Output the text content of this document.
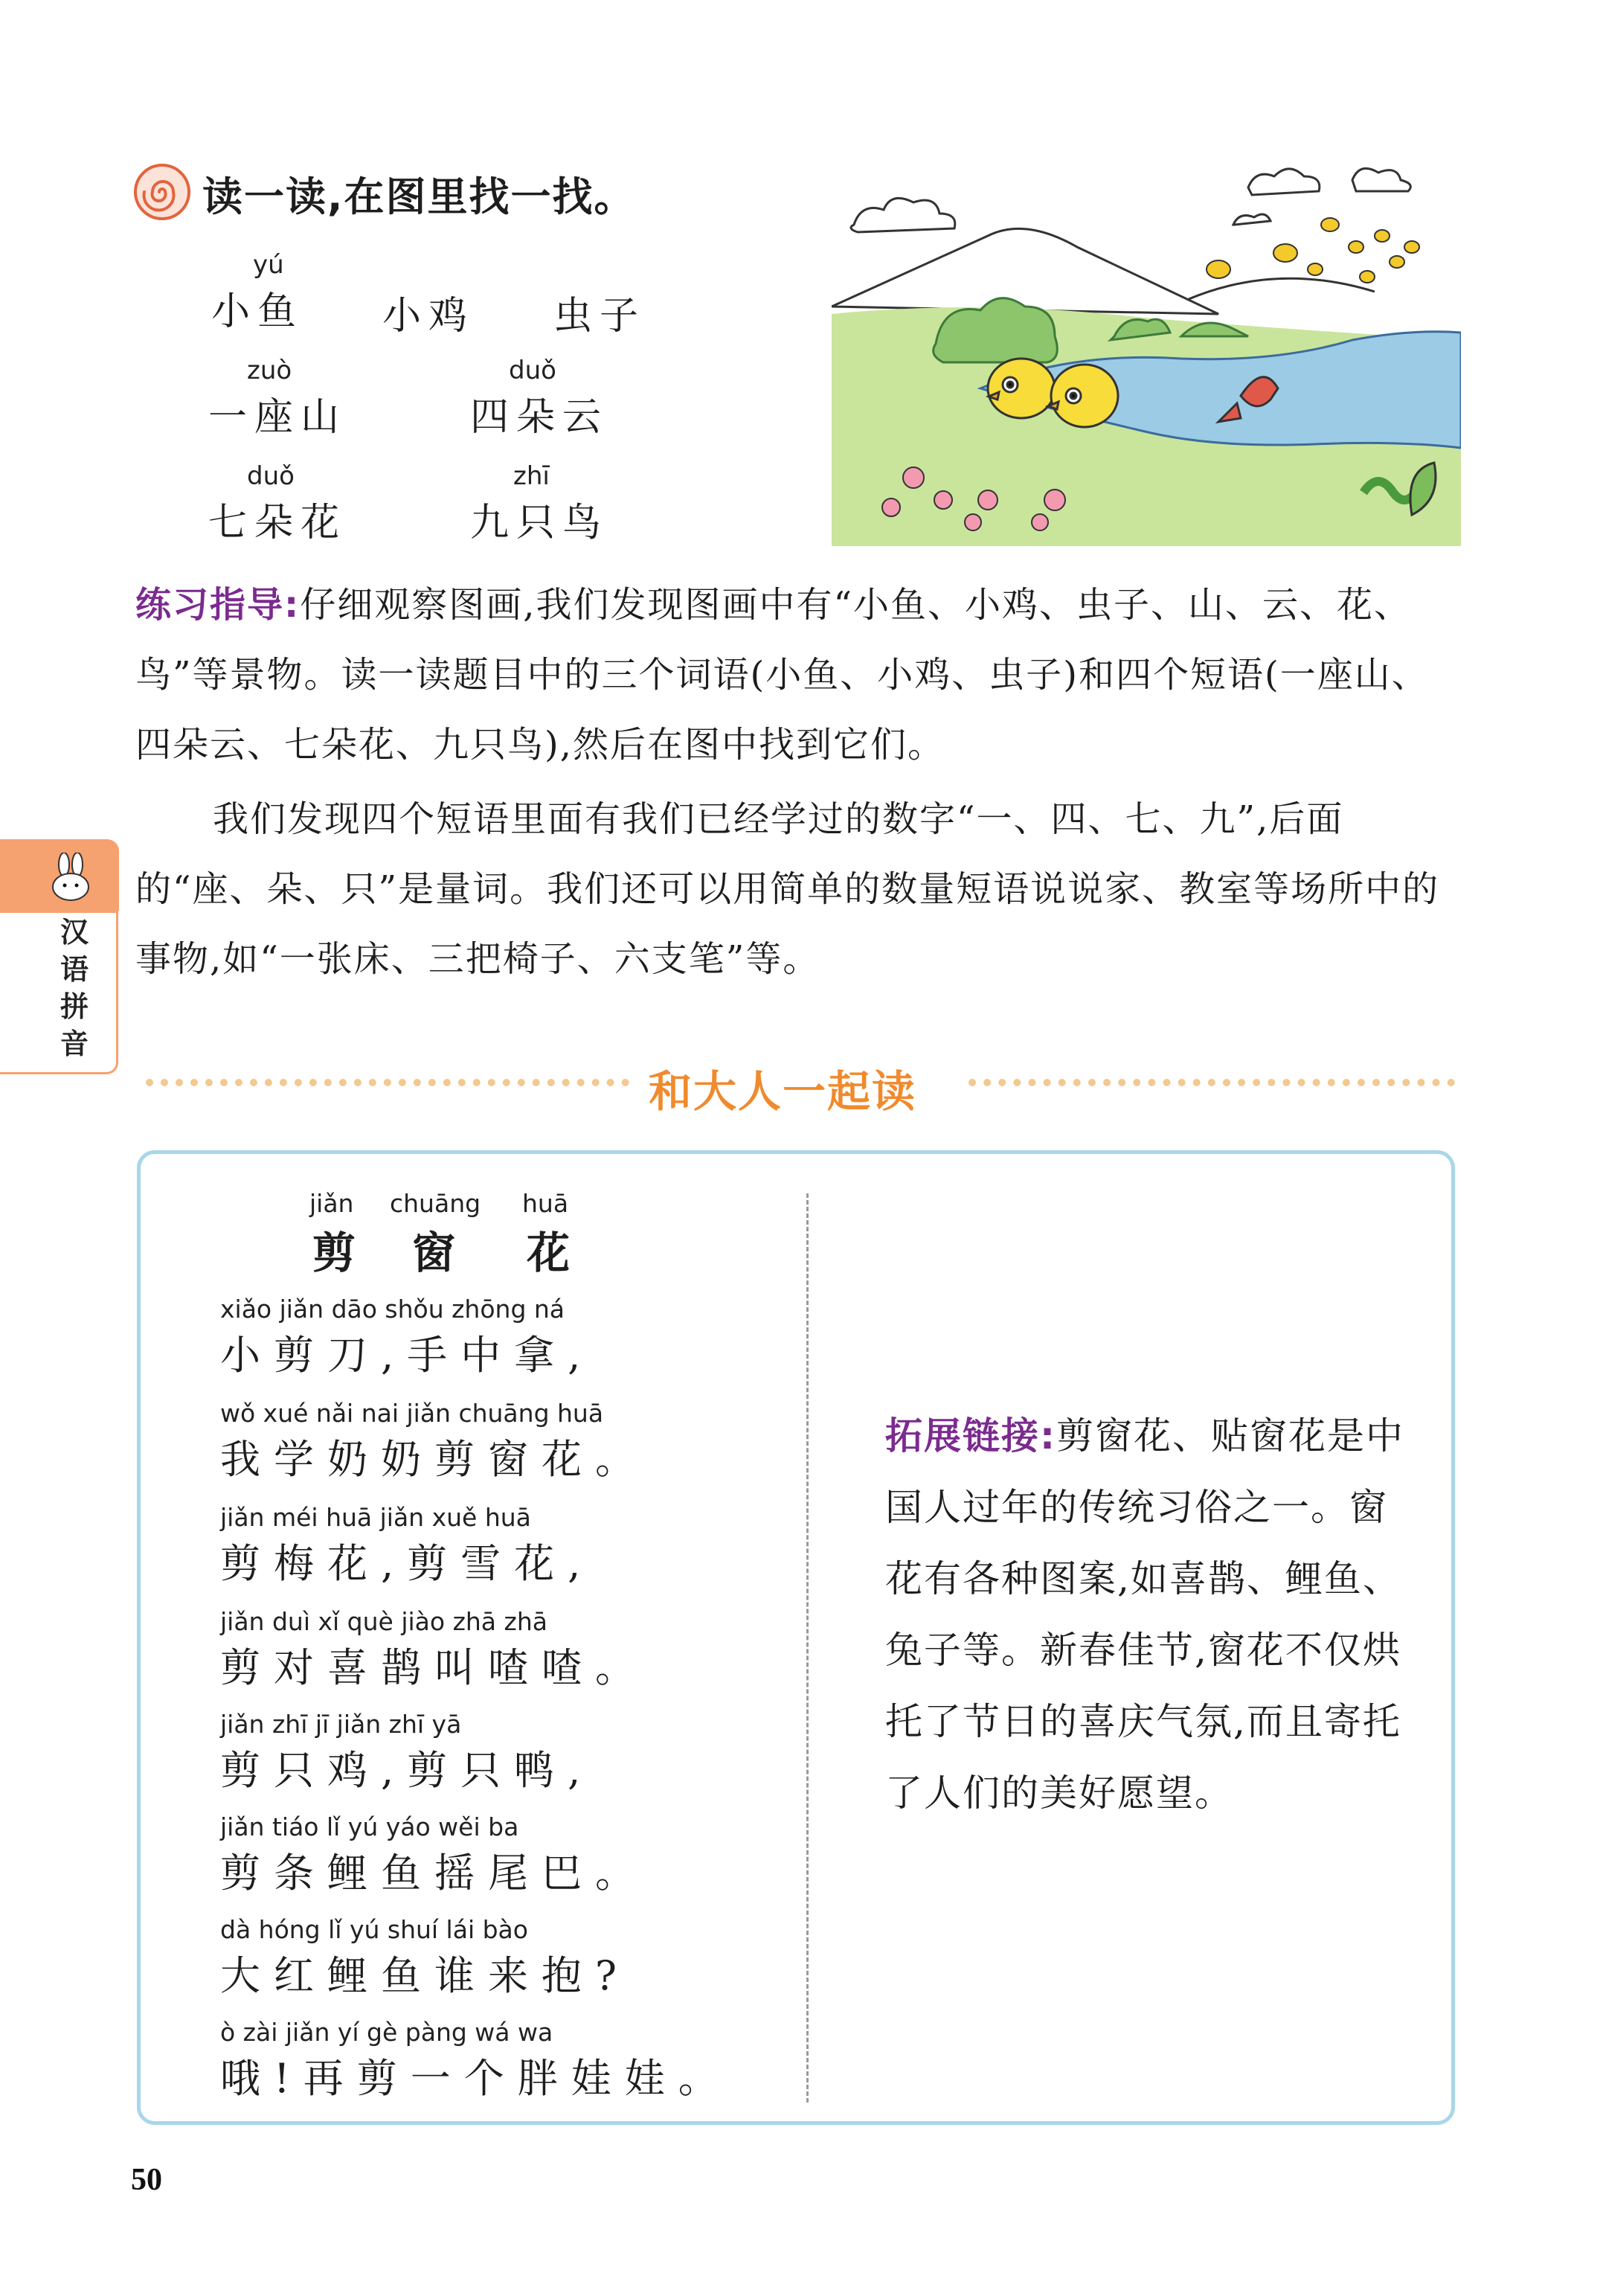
读一读,在图里找一找。
yú
小鱼 小鸡 虫子
zuò
一座山
duǒ
四朵云
duǒ
七朵花
zhī
九只鸟
练习指导:仔细观察图画,我们发现图画中有“小鱼、小鸡、虫子、山、云、花、鸟”等景物。读一读题目中的三个词语(小鱼、小鸡、虫子)和四个短语(一座山、四朵云、七朵花、九只鸟),然后在图中找到它们。
我们发现四个短语里面有我们已经学过的数字“一、四、七、九”,后面的“座、朵、只”是量词。我们还可以用简单的数量短语说说家、教室等场所中的事物,如“一张床、三把椅子、六支笔”等。
汉语拼音
和大人一起读
jiǎn
剪
chuāng
窗
huā
花
xiǎo jiǎn dāo shǒu zhōng ná
小剪刀,手中拿,
wǒ xué nǎi nai jiǎn chuāng huā
我学奶奶剪窗花。
jiǎn méi huā jiǎn xuě huā
剪梅花,剪雪花,
jiǎn duì xǐ què jiào zhā zhā
剪对喜鹊叫喳喳。
jiǎn zhī jī jiǎn zhī yā
剪只鸡,剪只鸭,
jiǎn tiáo lǐ yú yáo wěi ba
剪条鲤鱼摇尾巴。
dà hóng lǐ yú shuí lái bào
大红鲤鱼谁来抱?
ò zài jiǎn yí gè pàng wá wa
哦!再剪一个胖娃娃。
拓展链接:剪窗花、贴窗花是中国人过年的传统习俗之一。窗花有各种图案,如喜鹊、鲤鱼、兔子等。新春佳节,窗花不仅烘托了节日的喜庆气氛,而且寄托了人们的美好愿望。
50
